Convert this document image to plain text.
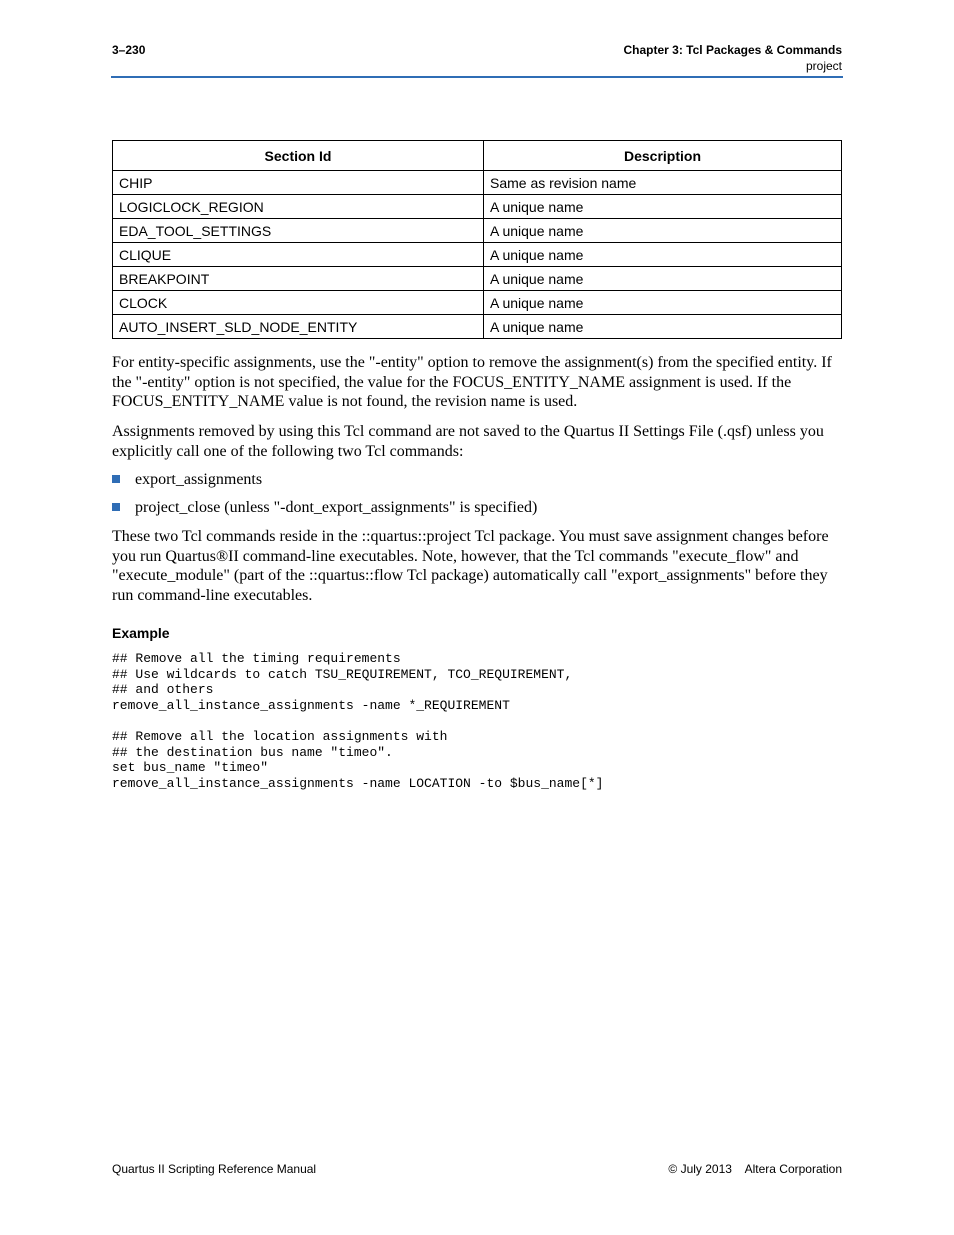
3–230	Chapter 3: Tcl Packages & Commands
project
Section Id	Description
CHIP	Same as revision name
LOGICLOCK_REGION	A unique name
EDA_TOOL_SETTINGS	A unique name
CLIQUE	A unique name
BREAKPOINT	A unique name
CLOCK	A unique name
AUTO_INSERT_SLD_NODE_ENTITY	A unique name
For entity-specific assignments, use the "-entity" option to remove the assignment(s) from the specified entity. If the "-entity" option is not specified, the value for the FOCUS_ENTITY_NAME assignment is used. If the FOCUS_ENTITY_NAME value is not found, the revision name is used.
Assignments removed by using this Tcl command are not saved to the Quartus II Settings File (.qsf) unless you explicitly call one of the following two Tcl commands:
export_assignments
project_close (unless "-dont_export_assignments" is specified)
These two Tcl commands reside in the ::quartus::project Tcl package. You must save assignment changes before you run Quartus®II command-line executables. Note, however, that the Tcl commands "execute_flow" and "execute_module" (part of the ::quartus::flow Tcl package) automatically call "export_assignments" before they run command-line executables.
Example
## Remove all the timing requirements
## Use wildcards to catch TSU_REQUIREMENT, TCO_REQUIREMENT,
## and others
remove_all_instance_assignments -name *_REQUIREMENT

## Remove all the location assignments with
## the destination bus name "timeo".
set bus_name "timeo"
remove_all_instance_assignments -name LOCATION -to $bus_name[*]
Quartus II Scripting Reference Manual	© July 2013    Altera Corporation
